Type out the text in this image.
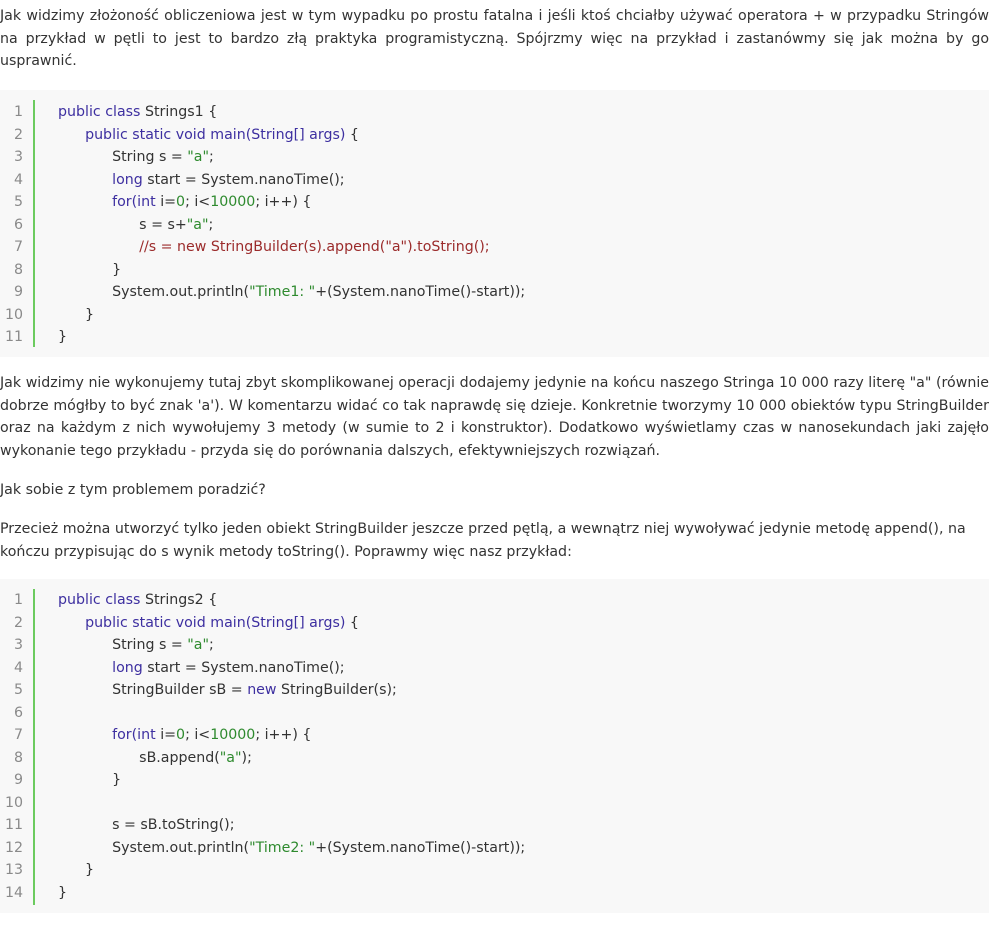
Jak widzimy złożoność obliczeniowa jest w tym wypadku po prostu fatalna i jeśli ktoś chciałby używać operatora + w przypadku Stringów na przykład w pętli to jest to bardzo złą praktyka programistyczną. Spójrzmy więc na przykład i zastanówmy się jak można by go usprawnić.

1 public class Strings1 {
2	public static void main(String[] args) {
3 String s = "a";
4	long start = System.nanoTime();
5	for(int i=0; i<10000; i++) {
6 s = s+"a";
7	//s = new StringBuilder(s).append("a").toString();
8 }
9 System.out.println("Time1: "+(System.nanoTime()-start));
10 }
11 }

Jak widzimy nie wykonujemy tutaj zbyt skomplikowanej operacji dodajemy jedynie na końcu naszego Stringa 10 000 razy literę "a" (równie dobrze mógłby to być znak 'a'). W komentarzu widać co tak naprawdę się dzieje. Konkretnie tworzymy 10 000 obiektów typu StringBuilder oraz na każdym z nich wywołujemy 3 metody (w sumie to 2 i konstruktor). Dodatkowo wyświetlamy czas w nanosekundach jaki zajęło wykonanie tego przykładu - przyda się do porównania dalszych, efektywniejszych rozwiązań.

Jak sobie z tym problemem poradzić?

Przecież można utworzyć tylko jeden obiekt StringBuilder jeszcze przed pętlą, a wewnątrz niej wywoływać jedynie metodę append(), na kończu przypisując do s wynik metody toString(). Poprawmy więc nasz przykład:

1 public class Strings2 {
2	public static void main(String[] args) {
3 String s = "a";
4	long start = System.nanoTime();
5 StringBuilder sB = new StringBuilder(s);
6
7	for(int i=0; i<10000; i++) {
8 sB.append("a");
9 }
10
11 s = sB.toString();
12 System.out.println("Time2: "+(System.nanoTime()-start));
13 }
14 }
